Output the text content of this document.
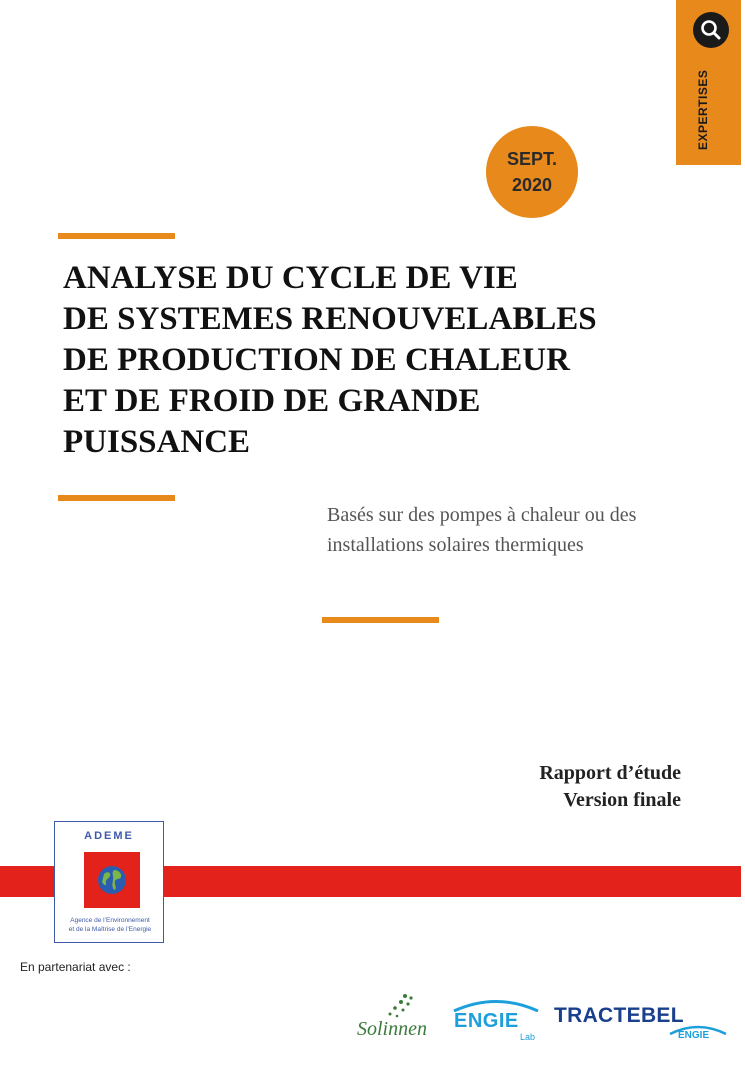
EXPERTISES
SEPT.
2020
ANALYSE DU CYCLE DE VIE
DE SYSTEMES RENOUVELABLES
DE PRODUCTION DE CHALEUR
ET DE FROID DE GRANDE
PUISSANCE
Basés sur des pompes à chaleur ou des
installations solaires thermiques
Rapport d’étude
Version finale
ADEME
Agence de l’Environnement
et de la Maîtrise de l’Energie
En partenariat avec :
Solinnen ENGIE
Lab
TRACTEBEL
ENGIE
